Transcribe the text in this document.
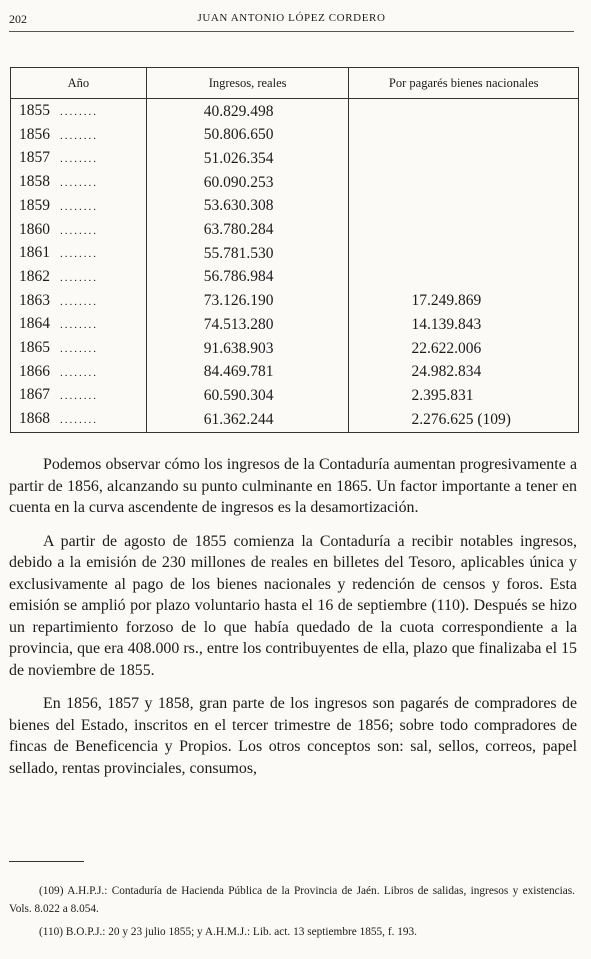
202	JUAN ANTONIO LÓPEZ CORDERO
Año	Ingresos, reales	Por pagarés bienes nacionales
1855 ........	40.829.498	
1856 ........	50.806.650	
1857 ........	51.026.354	
1858 ........	60.090.253	
1859 ........	53.630.308	
1860 ........	63.780.284	
1861 ........	55.781.530	
1862 ........	56.786.984	
1863 ........	73.126.190	17.249.869
1864 ........	74.513.280	14.139.843
1865 ........	91.638.903	22.622.006
1866 ........	84.469.781	24.982.834
1867 ........	60.590.304	2.395.831
1868 ........	61.362.244	2.276.625 (109)

Podemos observar cómo los ingresos de la Contaduría aumentan progresivamente a partir de 1856, alcanzando su punto culminante en 1865. Un factor importante a tener en cuenta en la curva ascendente de ingresos es la desamortización.

A partir de agosto de 1855 comienza la Contaduría a recibir notables ingresos, debido a la emisión de 230 millones de reales en billetes del Tesoro, aplicables única y exclusivamente al pago de los bienes nacionales y redención de censos y foros. Esta emisión se amplió por plazo voluntario hasta el 16 de septiembre (110). Después se hizo un repartimiento forzoso de lo que había quedado de la cuota correspondiente a la provincia, que era 408.000 rs., entre los contribuyentes de ella, plazo que finalizaba el 15 de noviembre de 1855.

En 1856, 1857 y 1858, gran parte de los ingresos son pagarés de compradores de bienes del Estado, inscritos en el tercer trimestre de 1856; sobre todo compradores de fincas de Beneficencia y Propios. Los otros conceptos son: sal, sellos, correos, papel sellado, rentas provinciales, consumos,

(109) A.H.P.J.: Contaduría de Hacienda Pública de la Provincia de Jaén. Libros de salidas, ingresos y existencias. Vols. 8.022 a 8.054.

(110) B.O.P.J.: 20 y 23 julio 1855; y A.H.M.J.: Lib. act. 13 septiembre 1855, f. 193.
